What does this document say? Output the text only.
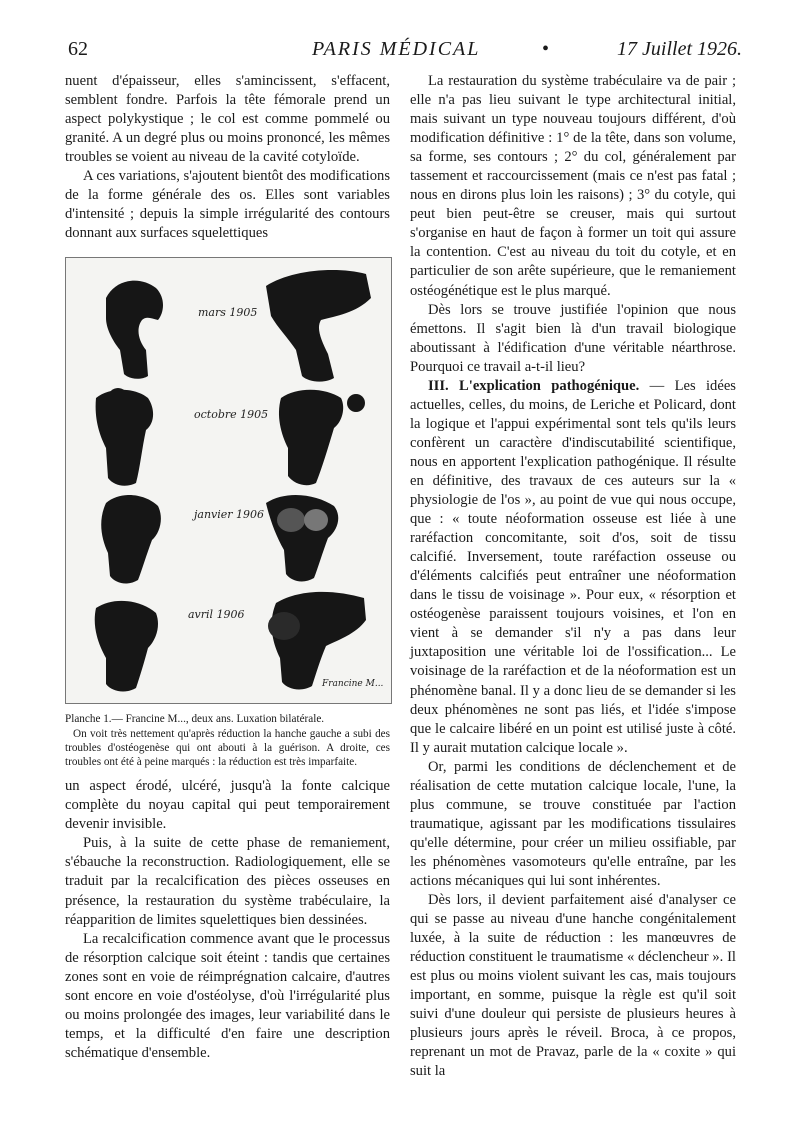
62	PARIS MÉDICAL	•	17 Juillet 1926.

nuent d'épaisseur, elles s'amincissent, s'effacent, semblent fondre. Parfois la tête fémorale prend un aspect polykystique ; le col est comme pommelé ou granité. A un degré plus ou moins prononcé, les mêmes troubles se voient au niveau de la cavité cotyloïde.

A ces variations, s'ajoutent bientôt des modifications de la forme générale des os. Elles sont variables d'intensité ; depuis la simple irrégularité des contours donnant aux surfaces squelettiques

mars 1905
octobre 1905
janvier 1906
avril 1906
Francine M...

Planche 1.— Francine M..., deux ans. Luxation bilatérale.

On voit très nettement qu'après réduction la hanche gauche a subi des troubles d'ostéogenèse qui ont abouti à la guérison. A droite, ces troubles ont été à peine marqués : la réduction est très imparfaite.

un aspect érodé, ulcéré, jusqu'à la fonte calcique complète du noyau capital qui peut temporairement devenir invisible.

Puis, à la suite de cette phase de remaniement, s'ébauche la reconstruction. Radiologiquement, elle se traduit par la recalcification des pièces osseuses en présence, la restauration du système trabéculaire, la réapparition de limites squelettiques bien dessinées.

La recalcification commence avant que le processus de résorption calcique soit éteint : tandis que certaines zones sont en voie de réimprégnation calcaire, d'autres sont encore en voie d'ostéolyse, d'où l'irrégularité plus ou moins prolongée des images, leur variabilité dans le temps, et la difficulté d'en faire une description schématique d'ensemble.

La restauration du système trabéculaire va de pair ; elle n'a pas lieu suivant le type architectural initial, mais suivant un type nouveau toujours différent, d'où modification définitive : 1° de la tête, dans son volume, sa forme, ses contours ; 2° du col, généralement par tassement et raccourcissement (mais ce n'est pas fatal ; nous en dirons plus loin les raisons) ; 3° du cotyle, qui peut bien peut-être se creuser, mais qui surtout s'organise en haut de façon à former un toit qui assure la contention. C'est au niveau du toit du cotyle, et en particulier de son arête supérieure, que le remaniement ostéogénétique est le plus marqué.

Dès lors se trouve justifiée l'opinion que nous émettons. Il s'agit bien là d'un travail biologique aboutissant à l'édification d'une véritable néarthrose. Pourquoi ce travail a-t-il lieu?

III. L'explication pathogénique. — Les idées actuelles, celles, du moins, de Leriche et Policard, dont la logique et l'appui expérimental sont tels qu'ils leurs confèrent un caractère d'indiscutabilité scientifique, nous en apportent l'explication pathogénique. Il résulte en définitive, des travaux de ces auteurs sur la « physiologie de l'os », au point de vue qui nous occupe, que : « toute néoformation osseuse est liée à une raréfaction concomitante, soit d'os, soit de tissu calcifié. Inversement, toute raréfaction osseuse ou d'éléments calcifiés peut entraîner une néoformation dans le tissu de voisinage ». Pour eux, « résorption et ostéogenèse paraissent toujours voisines, et l'on en vient à se demander s'il n'y a pas dans leur juxtaposition une véritable loi de l'ossification... Le voisinage de la raréfaction et de la néoformation est un phénomène banal. Il y a donc lieu de se demander si les deux phénomènes ne sont pas liés, et l'idée s'impose que le calcaire libéré en un point est utilisé juste à côté. Il y aurait mutation calcique locale ».

Or, parmi les conditions de déclenchement et de réalisation de cette mutation calcique locale, l'une, la plus commune, se trouve constituée par l'action traumatique, agissant par les modifications tissulaires qu'elle détermine, pour créer un milieu ossifiable, par les phénomènes vasomoteurs qu'elle entraîne, par les actions mécaniques qui lui sont inhérentes.

Dès lors, il devient parfaitement aisé d'analyser ce qui se passe au niveau d'une hanche congénitalement luxée, à la suite de réduction : les manœuvres de réduction constituent le traumatisme « déclencheur ». Il est plus ou moins violent suivant les cas, mais toujours important, en somme, puisque la règle est qu'il soit suivi d'une douleur qui persiste de plusieurs heures à plusieurs jours après le réveil. Broca, à ce propos, reprenant un mot de Pravaz, parle de la « coxite » qui suit la
